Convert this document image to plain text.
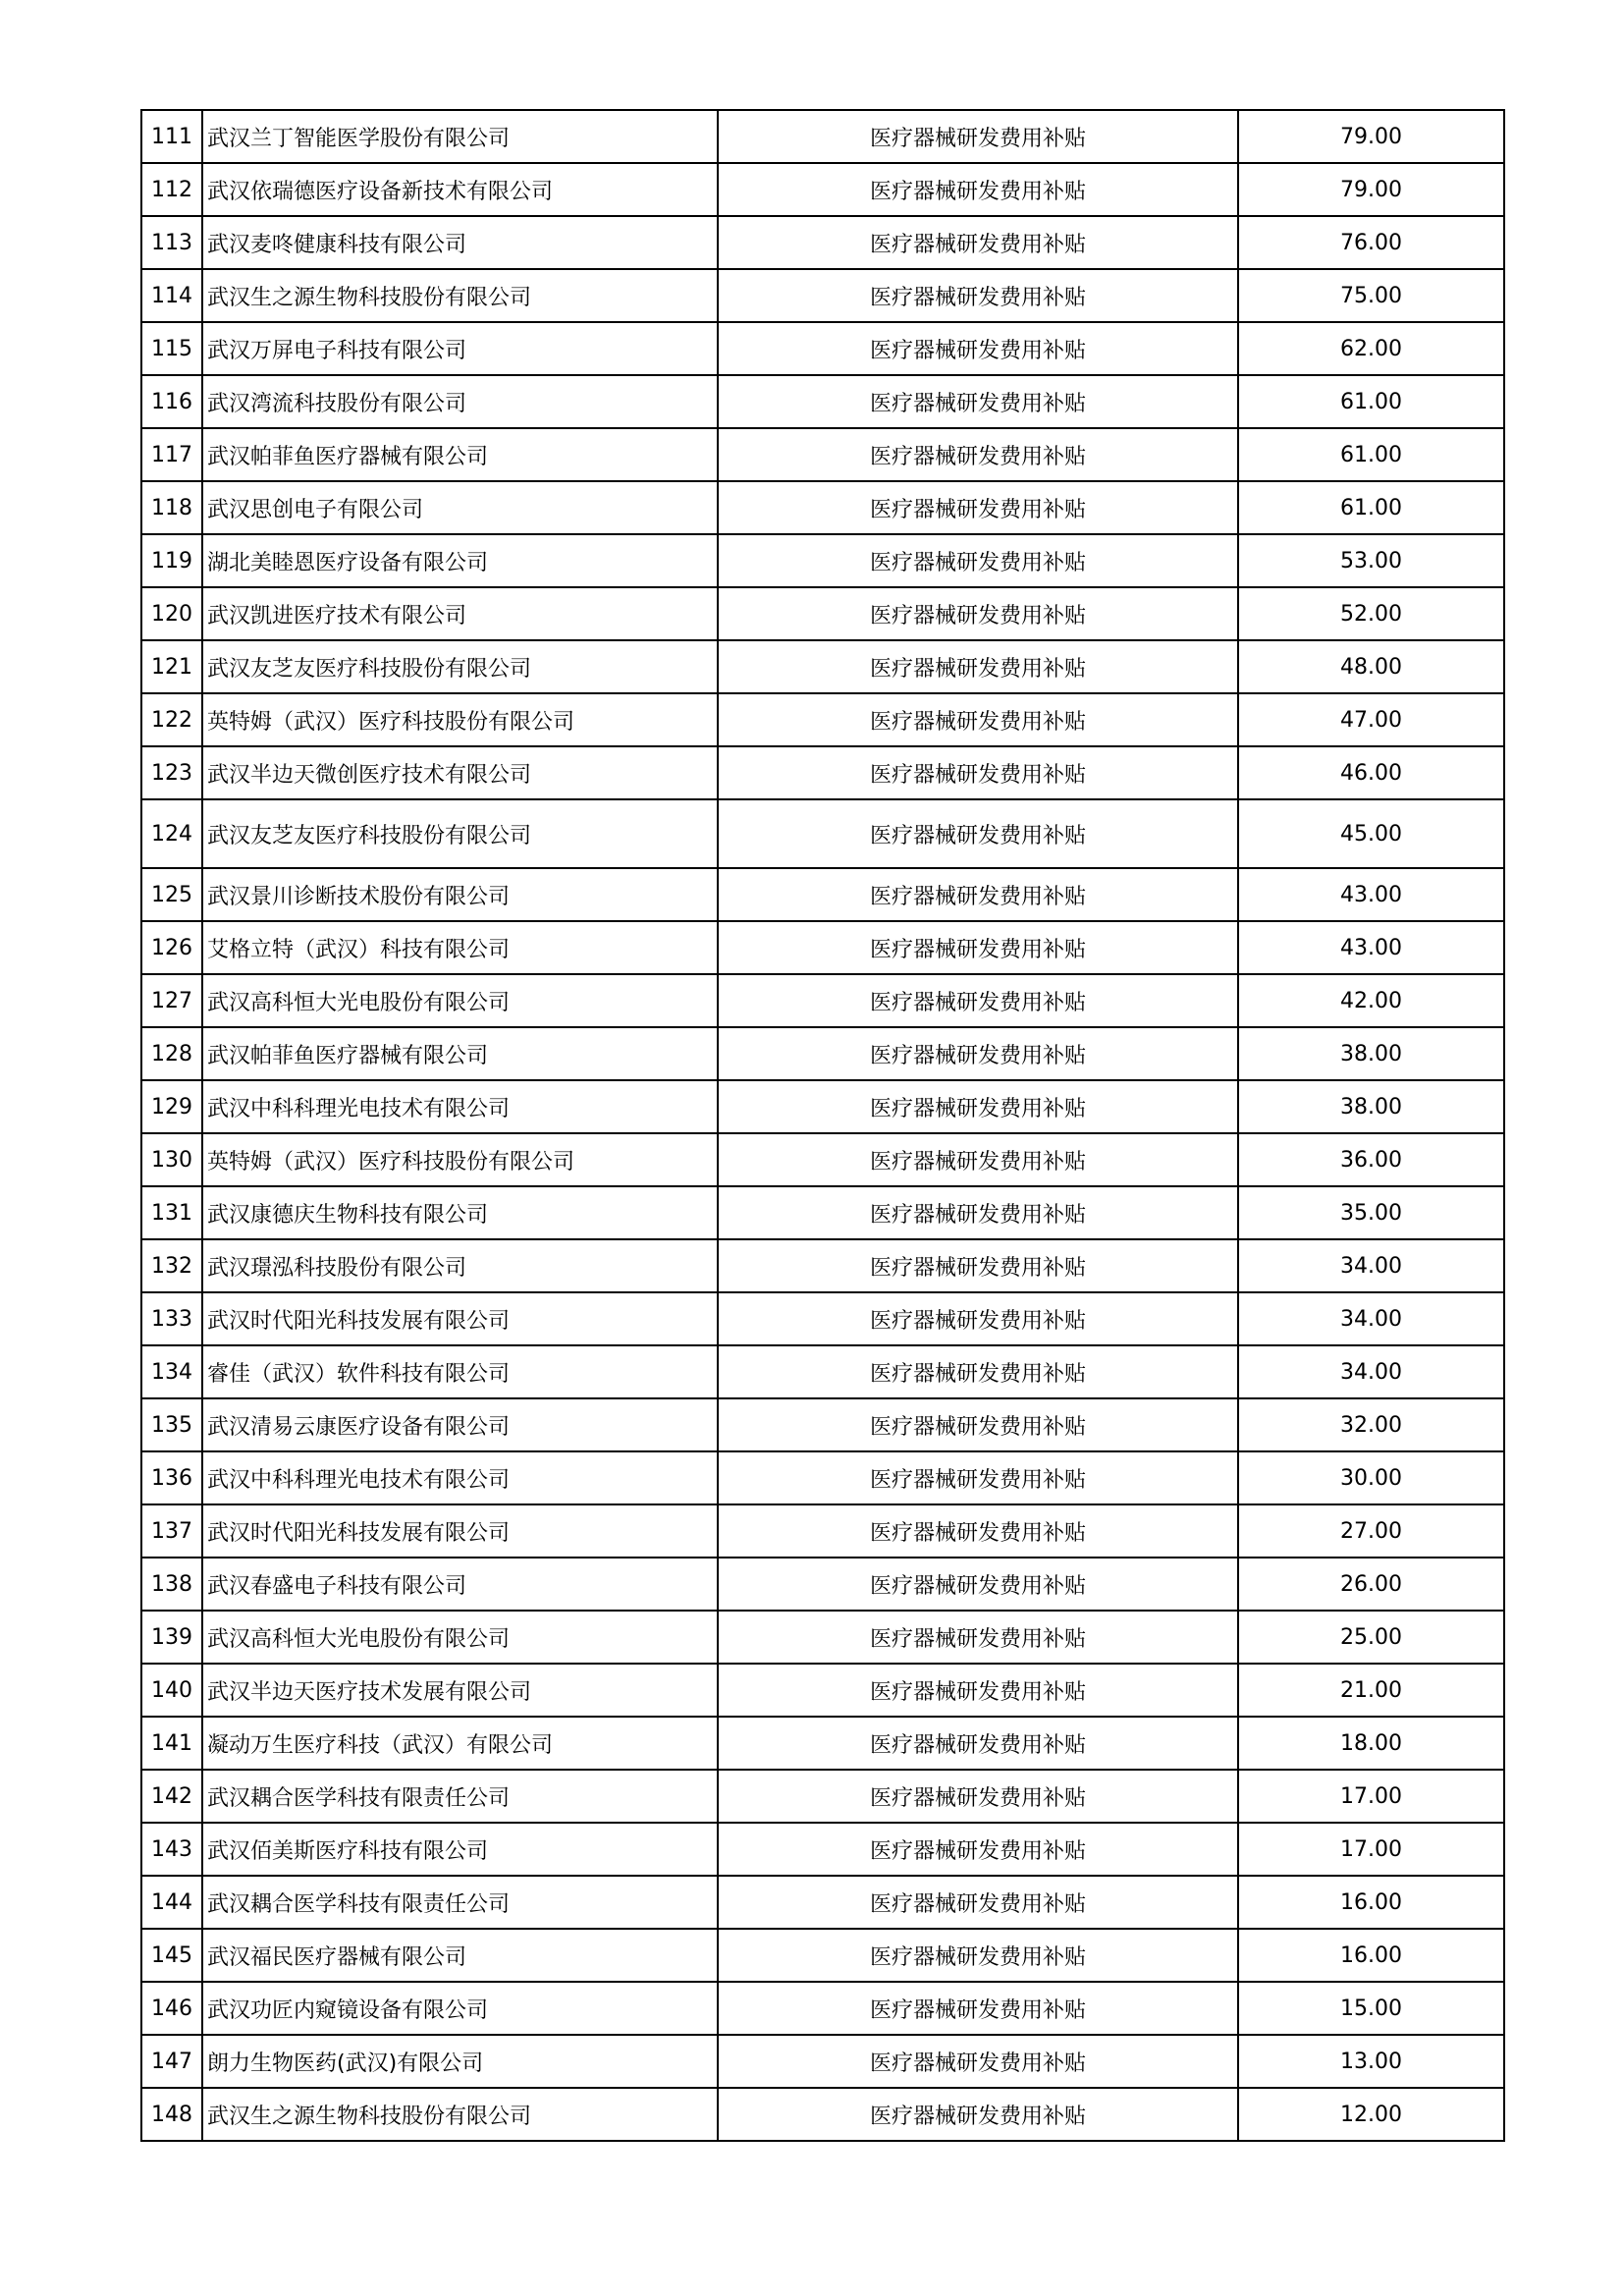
111	武汉兰丁智能医学股份有限公司	医疗器械研发费用补贴	79.00
112	武汉依瑞德医疗设备新技术有限公司	医疗器械研发费用补贴	79.00
113	武汉麦咚健康科技有限公司	医疗器械研发费用补贴	76.00
114	武汉生之源生物科技股份有限公司	医疗器械研发费用补贴	75.00
115	武汉万屏电子科技有限公司	医疗器械研发费用补贴	62.00
116	武汉湾流科技股份有限公司	医疗器械研发费用补贴	61.00
117	武汉帕菲鱼医疗器械有限公司	医疗器械研发费用补贴	61.00
118	武汉思创电子有限公司	医疗器械研发费用补贴	61.00
119	湖北美睦恩医疗设备有限公司	医疗器械研发费用补贴	53.00
120	武汉凯进医疗技术有限公司	医疗器械研发费用补贴	52.00
121	武汉友芝友医疗科技股份有限公司	医疗器械研发费用补贴	48.00
122	英特姆（武汉）医疗科技股份有限公司	医疗器械研发费用补贴	47.00
123	武汉半边天微创医疗技术有限公司	医疗器械研发费用补贴	46.00
124	武汉友芝友医疗科技股份有限公司	医疗器械研发费用补贴	45.00
125	武汉景川诊断技术股份有限公司	医疗器械研发费用补贴	43.00
126	艾格立特（武汉）科技有限公司	医疗器械研发费用补贴	43.00
127	武汉高科恒大光电股份有限公司	医疗器械研发费用补贴	42.00
128	武汉帕菲鱼医疗器械有限公司	医疗器械研发费用补贴	38.00
129	武汉中科科理光电技术有限公司	医疗器械研发费用补贴	38.00
130	英特姆（武汉）医疗科技股份有限公司	医疗器械研发费用补贴	36.00
131	武汉康德庆生物科技有限公司	医疗器械研发费用补贴	35.00
132	武汉璟泓科技股份有限公司	医疗器械研发费用补贴	34.00
133	武汉时代阳光科技发展有限公司	医疗器械研发费用补贴	34.00
134	睿佳（武汉）软件科技有限公司	医疗器械研发费用补贴	34.00
135	武汉清易云康医疗设备有限公司	医疗器械研发费用补贴	32.00
136	武汉中科科理光电技术有限公司	医疗器械研发费用补贴	30.00
137	武汉时代阳光科技发展有限公司	医疗器械研发费用补贴	27.00
138	武汉春盛电子科技有限公司	医疗器械研发费用补贴	26.00
139	武汉高科恒大光电股份有限公司	医疗器械研发费用补贴	25.00
140	武汉半边天医疗技术发展有限公司	医疗器械研发费用补贴	21.00
141	凝动万生医疗科技（武汉）有限公司	医疗器械研发费用补贴	18.00
142	武汉耦合医学科技有限责任公司	医疗器械研发费用补贴	17.00
143	武汉佰美斯医疗科技有限公司	医疗器械研发费用补贴	17.00
144	武汉耦合医学科技有限责任公司	医疗器械研发费用补贴	16.00
145	武汉福民医疗器械有限公司	医疗器械研发费用补贴	16.00
146	武汉功匠内窥镜设备有限公司	医疗器械研发费用补贴	15.00
147	朗力生物医药(武汉)有限公司	医疗器械研发费用补贴	13.00
148	武汉生之源生物科技股份有限公司	医疗器械研发费用补贴	12.00
